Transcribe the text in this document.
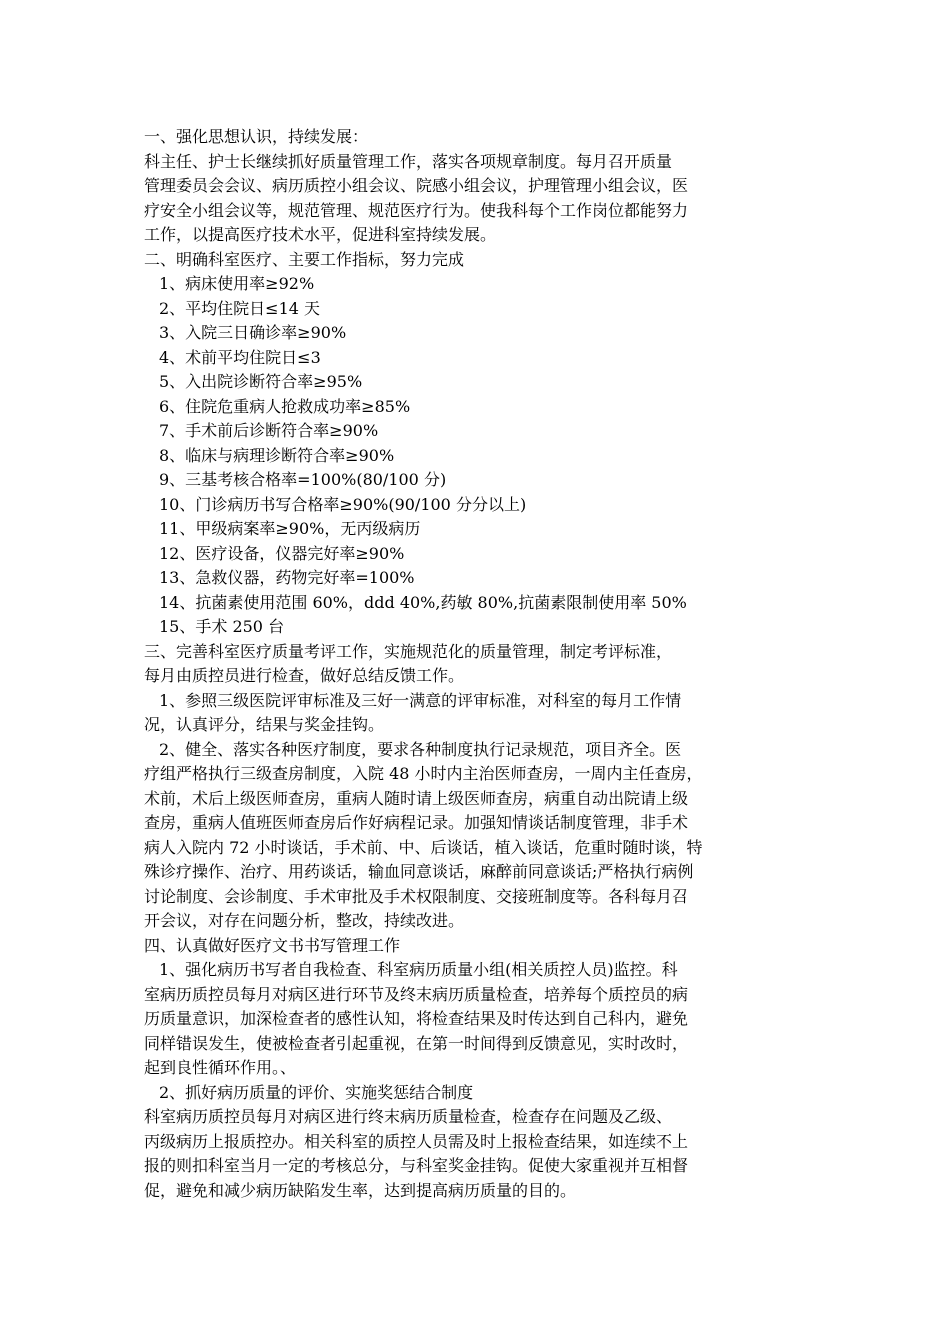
一、强化思想认识，持续发展：

科主任、护士长继续抓好质量管理工作，落实各项规章制度。每月召开质量

管理委员会会议、病历质控小组会议、院感小组会议，护理管理小组会议，医

疗安全小组会议等，规范管理、规范医疗行为。使我科每个工作岗位都能努力

工作，以提高医疗技术水平，促进科室持续发展。

二、明确科室医疗、主要工作指标，努力完成

1、病床使用率≥92%

2、平均住院日≤14 天

3、入院三日确诊率≥90%

4、术前平均住院日≤3

5、入出院诊断符合率≥95%

6、住院危重病人抢救成功率≥85%

7、手术前后诊断符合率≥90%

8、临床与病理诊断符合率≥90%

9、三基考核合格率=100%(80/100 分)

10、门诊病历书写合格率≥90%(90/100 分分以上)

11、甲级病案率≥90%，无丙级病历

12、医疗设备，仪器完好率≥90%

13、急救仪器，药物完好率=100%

14、抗菌素使用范围 60%，ddd 40%,药敏 80%,抗菌素限制使用率 50%

15、手术 250 台

三、完善科室医疗质量考评工作，实施规范化的质量管理，制定考评标准，

每月由质控员进行检查，做好总结反馈工作。

1、参照三级医院评审标准及三好一满意的评审标准，对科室的每月工作情

况，认真评分，结果与奖金挂钩。

2、健全、落实各种医疗制度，要求各种制度执行记录规范，项目齐全。医

疗组严格执行三级查房制度，入院 48 小时内主治医师查房，一周内主任查房，

术前，术后上级医师查房，重病人随时请上级医师查房，病重自动出院请上级

查房，重病人值班医师查房后作好病程记录。加强知情谈话制度管理，非手术

病人入院内 72 小时谈话，手术前、中、后谈话，植入谈话，危重时随时谈，特

殊诊疗操作、治疗、用药谈话，输血同意谈话，麻醉前同意谈话;严格执行病例

讨论制度、会诊制度、手术审批及手术权限制度、交接班制度等。各科每月召

开会议，对存在问题分析，整改，持续改进。

四、认真做好医疗文书书写管理工作

1、强化病历书写者自我检查、科室病历质量小组(相关质控人员)监控。科

室病历质控员每月对病区进行环节及终末病历质量检查，培养每个质控员的病

历质量意识，加深检查者的感性认知，将检查结果及时传达到自己科内，避免

同样错误发生，使被检查者引起重视，在第一时间得到反馈意见，实时改时，

起到良性循环作用。、

2、抓好病历质量的评价、实施奖惩结合制度

科室病历质控员每月对病区进行终末病历质量检查，检查存在问题及乙级、

丙级病历上报质控办。相关科室的质控人员需及时上报检查结果，如连续不上

报的则扣科室当月一定的考核总分，与科室奖金挂钩。促使大家重视并互相督

促，避免和减少病历缺陷发生率，达到提高病历质量的目的。
